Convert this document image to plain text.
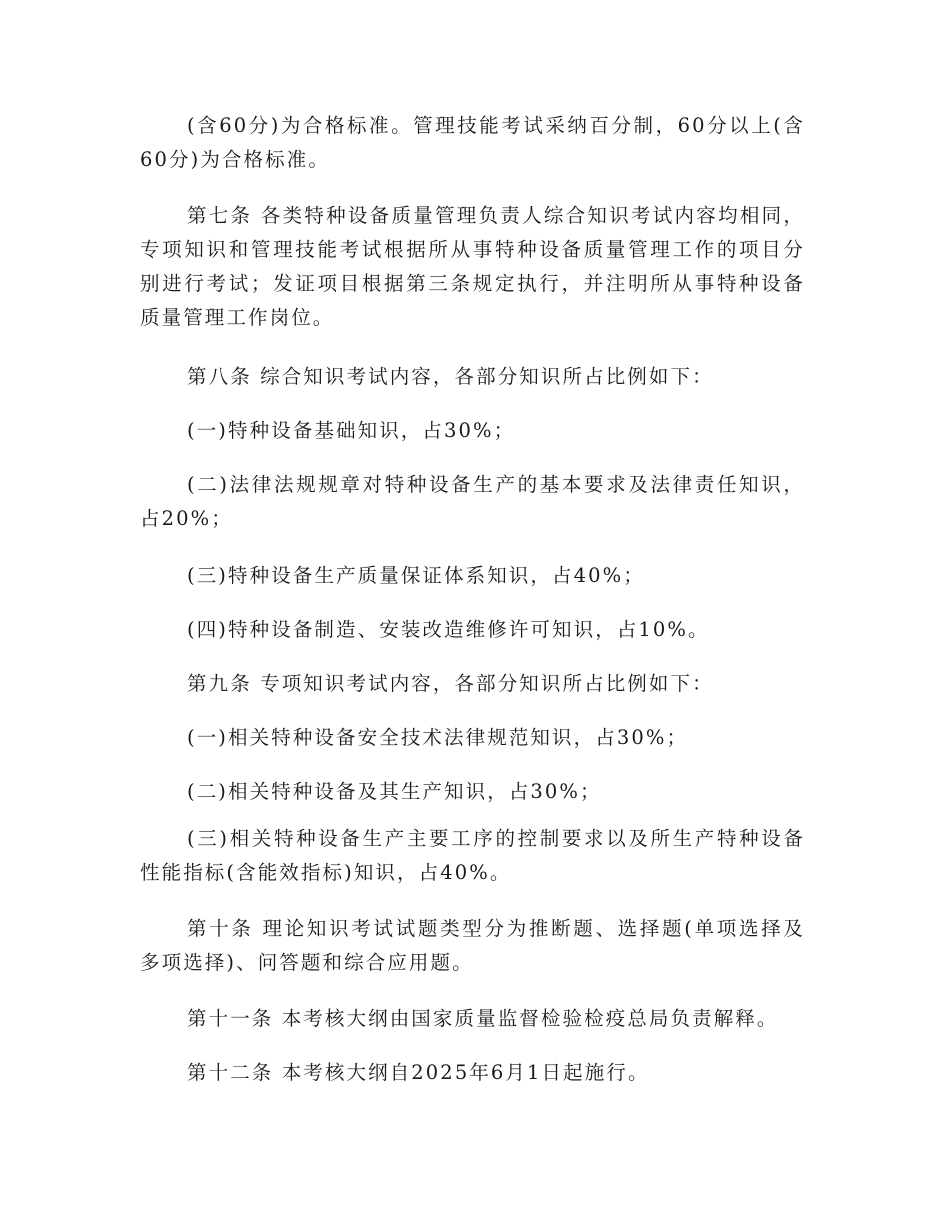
(含60分)为合格标准。管理技能考试采纳百分制，60分以上(含60分)为合格标准。

第七条 各类特种设备质量管理负责人综合知识考试内容均相同，专项知识和管理技能考试根据所从事特种设备质量管理工作的项目分别进行考试；发证项目根据第三条规定执行，并注明所从事特种设备质量管理工作岗位。

第八条 综合知识考试内容，各部分知识所占比例如下：

(一)特种设备基础知识，占30%；

(二)法律法规规章对特种设备生产的基本要求及法律责任知识，占20%；

(三)特种设备生产质量保证体系知识，占40%；

(四)特种设备制造、安装改造维修许可知识，占10%。

第九条 专项知识考试内容，各部分知识所占比例如下：

(一)相关特种设备安全技术法律规范知识，占30%；

(二)相关特种设备及其生产知识，占30%；

(三)相关特种设备生产主要工序的控制要求以及所生产特种设备性能指标(含能效指标)知识，占40%。

第十条 理论知识考试试题类型分为推断题、选择题(单项选择及多项选择)、问答题和综合应用题。

第十一条 本考核大纲由国家质量监督检验检疫总局负责解释。

第十二条 本考核大纲自2025年6月1日起施行。
